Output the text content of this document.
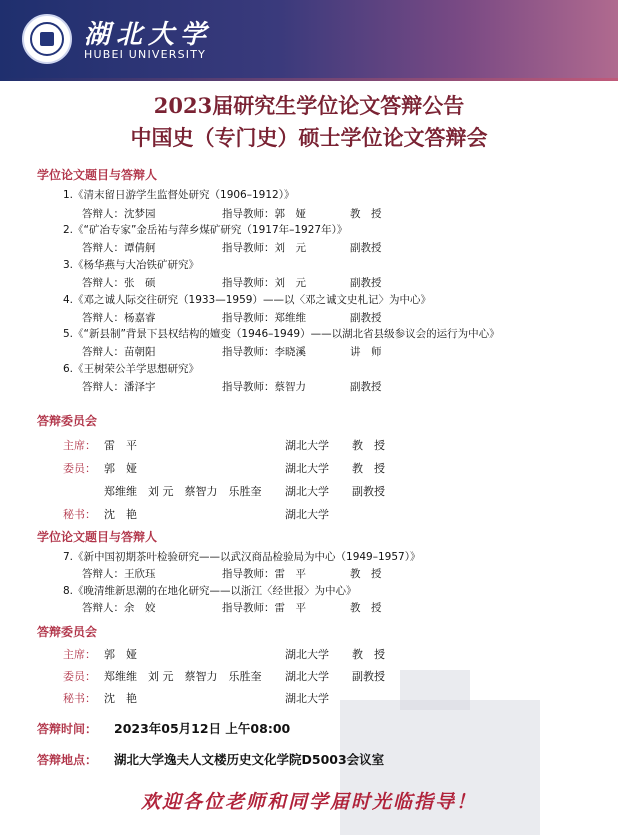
湖北大学
HUBEI UNIVERSITY
2023届研究生学位论文答辩公告
中国史（专门史）硕士学位论文答辩会
学位论文题目与答辩人
1.《清末留日游学生监督处研究（1906–1912）》
答辩人：沈梦园	指导教师：郭　娅	教　授
2.《“矿冶专家”金岳祐与萍乡煤矿研究（1917年–1927年）》
答辩人：谭倩舸	指导教师：刘　元	副教授
3.《杨华燕与大冶铁矿研究》
答辩人：张　硕	指导教师：刘　元	副教授
4.《邓之诚人际交往研究（1933—1959）——以〈邓之诚文史札记〉为中心》
答辩人：杨嘉睿	指导教师：郑维维	副教授
5.《“新县制”背景下县权结构的嬗变（1946–1949）——以湖北省县级参议会的运行为中心》
答辩人：苗朝阳	指导教师：李晓溪	讲　师
6.《王树荣公羊学思想研究》
答辩人：潘泽宇	指导教师：蔡智力	副教授
答辩委员会
主席： 雷　平	湖北大学 教　授
委员： 郭　娅	湖北大学 教　授
郑维维　刘 元　蔡智力　乐胜奎 湖北大学 副教授
秘书： 沈　艳	湖北大学
学位论文题目与答辩人
7.《新中国初期茶叶检验研究——以武汉商品检验局为中心（1949–1957）》
答辩人：王欣珏	指导教师：雷　平	教　授
8.《晚清维新思潮的在地化研究——以浙江〈经世报〉为中心》
答辩人：余　姣	指导教师：雷　平	教　授
答辩委员会
主席： 郭　娅	湖北大学 教　授
委员： 郑维维　刘 元　蔡智力　乐胜奎 湖北大学 副教授
秘书： 沈　艳	湖北大学
答辩时间： 2023年05月12日 上午08:00
答辩地点： 湖北大学逸夫人文楼历史文化学院D5003会议室
欢迎各位老师和同学届时光临指导！
